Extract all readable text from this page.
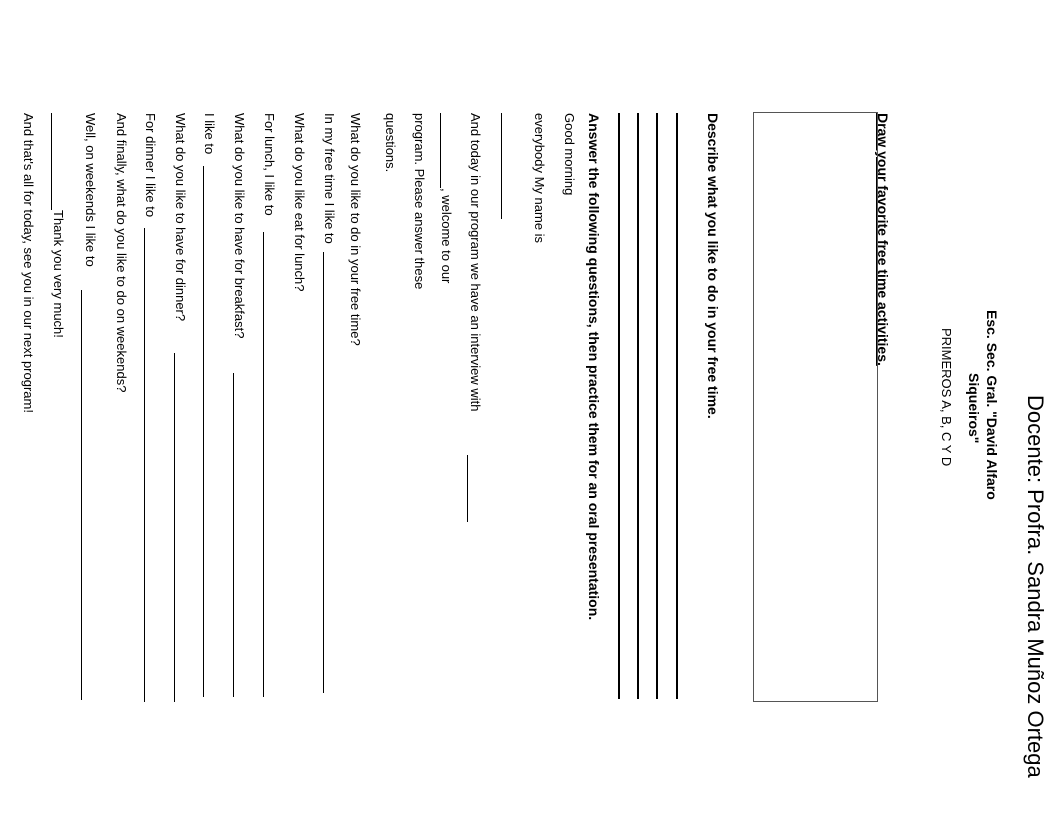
Docente: Profra. Sandra Muñoz Ortega
Esc. Sec. Gral. "David Alfaro
Siqueiros"
PRIMEROS A, B, C Y D
Draw your favorite free time activities.
Describe what you like to do in your free time.
Answer the following questions, then practice them for an oral presentation.
Good morning
everybody My name is
And today in our program we have an interview with
, welcome to our
program. Please answer these
questions.
What do you like to do in your free time?
In my free time I like to
What do you like eat for lunch?
For lunch, I like to
What do you like to have for breakfast?
I like to
What do you like to have for dinner?
For dinner I like to
And finally, what do you like to do on weekends?
Well, on weekends I like to
Thank you very much!
And that's all for today, see you in our next program!
